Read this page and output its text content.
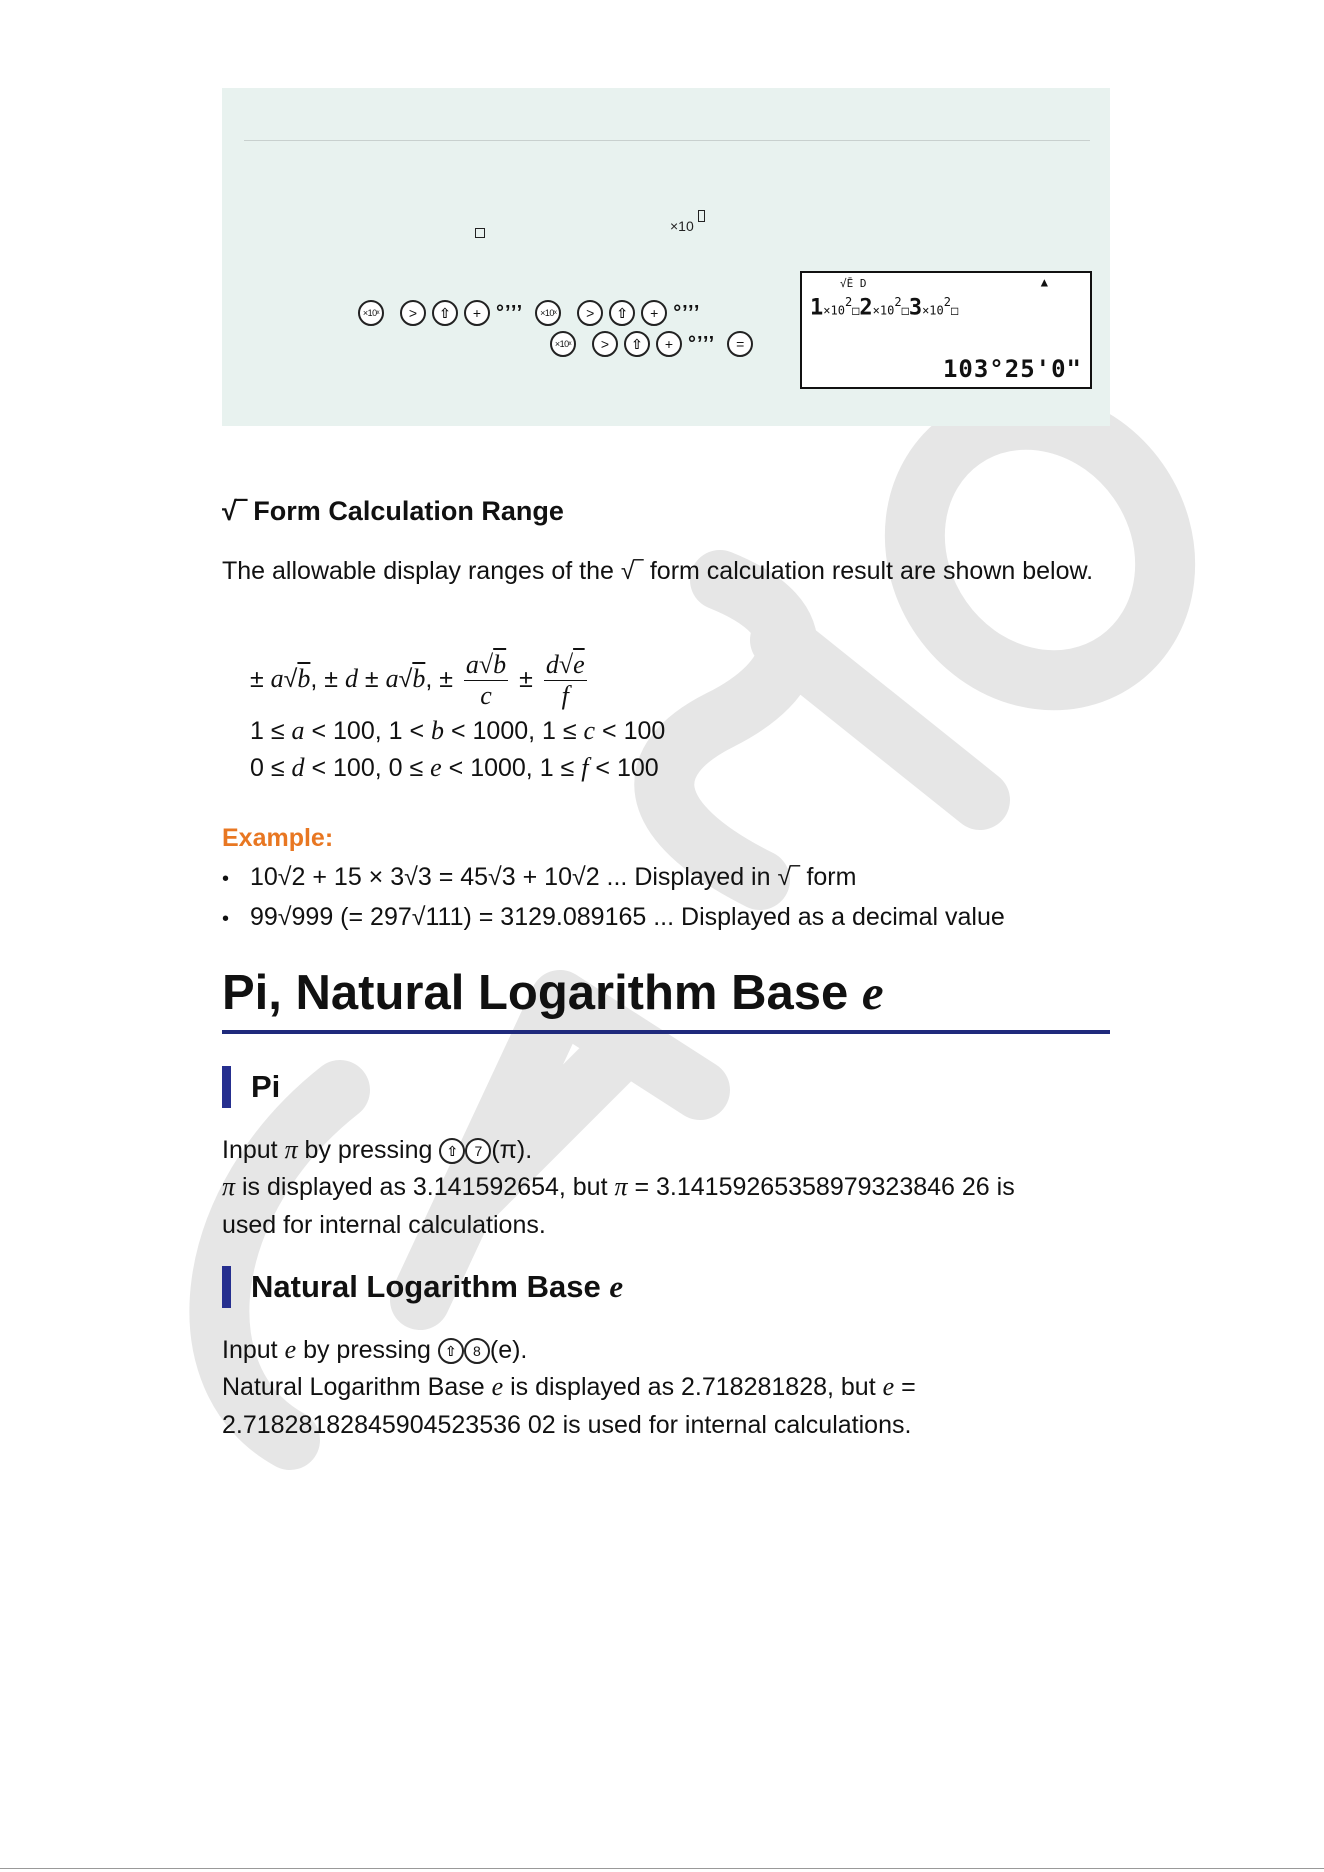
×10
×10ˣ	>	⇧	+ °’’’	×10ˣ	>	⇧	+ °’’’
×10ˣ	>	⇧	+ °’’’	=
√Ē D	▲
$1\times 10^2□2\times 10^2□3\times 10^2□$
103°25'0"
√‾ Form Calculation Range

The allowable display ranges of the √‾ form calculation result are shown below.

± a√b, ± d ± a√b, ± $\frac{a√b}{c} \pm \frac{d√e}{f}$
1 ≤ a < 100, 1 < b < 1000, 1 ≤ c < 100
0 ≤ d < 100, 0 ≤ e < 1000, 1 ≤ f < 100

Example:

• 10√2 + 15 × 3√3 = 45√3 + 10√2 ... Displayed in √‾ form
• 99√999 (= 297√111) = 3129.089165 ... Displayed as a decimal value
Pi, Natural Logarithm Base e
Pi

Input π by pressing ⇧ 7 (π).

π is displayed as 3.141592654, but π = 3.14159265358979323846 26 is
used for internal calculations.

Natural Logarithm Base e

Input e by pressing ⇧ 8 (e).

Natural Logarithm Base e is displayed as 2.718281828, but e =
2.71828182845904523536 02 is used for internal calculations.
